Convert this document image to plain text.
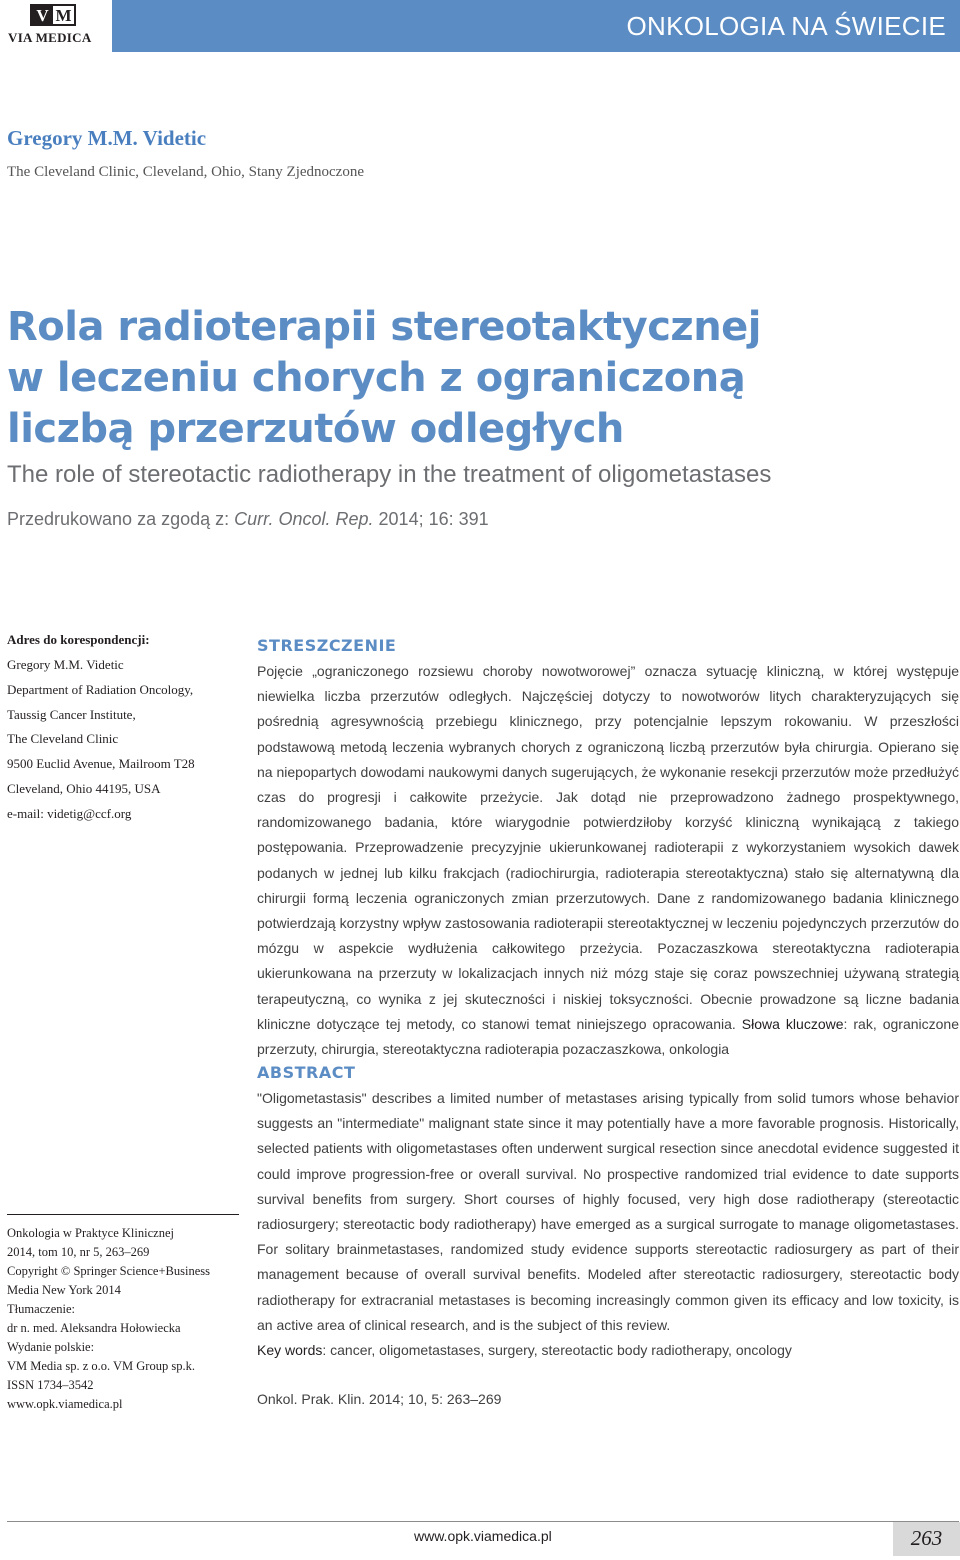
V M
VIA MEDICA	ONKOLOGIA NA ŚWIECIE
Gregory M.M. Videtic
The Cleveland Clinic, Cleveland, Ohio, Stany Zjednoczone
Rola radioterapii stereotaktycznej
w leczeniu chorych z ograniczoną
liczbą przerzutów odległych
The role of stereotactic radiotherapy in the treatment of oligometastases
Przedrukowano za zgodą z: Curr. Oncol. Rep. 2014; 16: 391
Adres do korespondencji:
Gregory M.M. Videtic
Department of Radiation Oncology,
Taussig Cancer Institute,
The Cleveland Clinic
9500 Euclid Avenue, Mailroom T28
Cleveland, Ohio 44195, USA
e-mail: videtig@ccf.org
Onkologia w Praktyce Klinicznej
2014, tom 10, nr 5, 263–269
Copyright © Springer Science+Business
Media New York 2014
Tłumaczenie:
dr n. med. Aleksandra Hołowiecka
Wydanie polskie:
VM Media sp. z o.o. VM Group sp.k.
ISSN 1734–3542
www.opk.viamedica.pl
STRESZCZENIE
Pojęcie „ograniczonego rozsiewu choroby nowotworowej” oznacza sytuację kliniczną, w której występuje niewielka liczba przerzutów odległych. Najczęściej dotyczy to nowotworów litych charakteryzujących się pośrednią agresywnością przebiegu klinicznego, przy potencjalnie lepszym rokowaniu. W przeszłości podstawową metodą leczenia wybranych chorych z ograniczoną liczbą przerzutów była chirurgia. Opierano się na niepopartych dowodami naukowymi danych sugerujących, że wykonanie resekcji przerzutów może przedłużyć czas do progresji i całkowite przeżycie. Jak dotąd nie przeprowadzono żadnego prospektywnego, randomizowanego badania, które wiarygodnie potwierdziłoby korzyść kliniczną wynikającą z takiego postępowania. Przeprowadzenie precyzyjnie ukierunkowanej radioterapii z wykorzystaniem wysokich dawek podanych w jednej lub kilku frakcjach (radiochirurgia, radioterapia stereotaktyczna) stało się alternatywną dla chirurgii formą leczenia ograniczonych zmian przerzutowych. Dane z randomizowanego badania klinicznego potwierdzają korzystny wpływ zastosowania radioterapii stereotaktycznej w leczeniu pojedynczych przerzutów do mózgu w aspekcie wydłużenia całkowitego przeżycia. Pozaczaszkowa stereotaktyczna radioterapia ukierunkowana na przerzuty w lokalizacjach innych niż mózg staje się coraz powszechniej używaną strategią terapeutyczną, co wynika z jej skuteczności i niskiej toksyczności. Obecnie prowadzone są liczne badania kliniczne dotyczące tej metody, co stanowi temat niniejszego opracowania. Słowa kluczowe: rak, ograniczone przerzuty, chirurgia, stereotaktyczna radioterapia pozaczaszkowa, onkologia
ABSTRACT
"Oligometastasis" describes a limited number of metastases arising typically from solid tumors whose behavior suggests an "intermediate" malignant state since it may potentially have a more favorable prognosis. Historically, selected patients with oligometastases often underwent surgical resection since anecdotal evidence suggested it could improve progression-free or overall survival. No prospective randomized trial evidence to date supports survival benefits from surgery. Short courses of highly focused, very high dose radiotherapy (stereotactic radiosurgery; stereotactic body radiotherapy) have emerged as a surgical surrogate to manage oligometastases. For solitary brainmetastases, randomized study evidence supports stereotactic radiosurgery as part of their management because of overall survival benefits. Modeled after stereotactic radiosurgery, stereotactic body radiotherapy for extracranial metastases is becoming increasingly common given its efficacy and low toxicity, is an active area of clinical research, and is the subject of this review.
Key words: cancer, oligometastases, surgery, stereotactic body radiotherapy, oncology
Onkol. Prak. Klin. 2014; 10, 5: 263–269
www.opk.viamedica.pl	263
